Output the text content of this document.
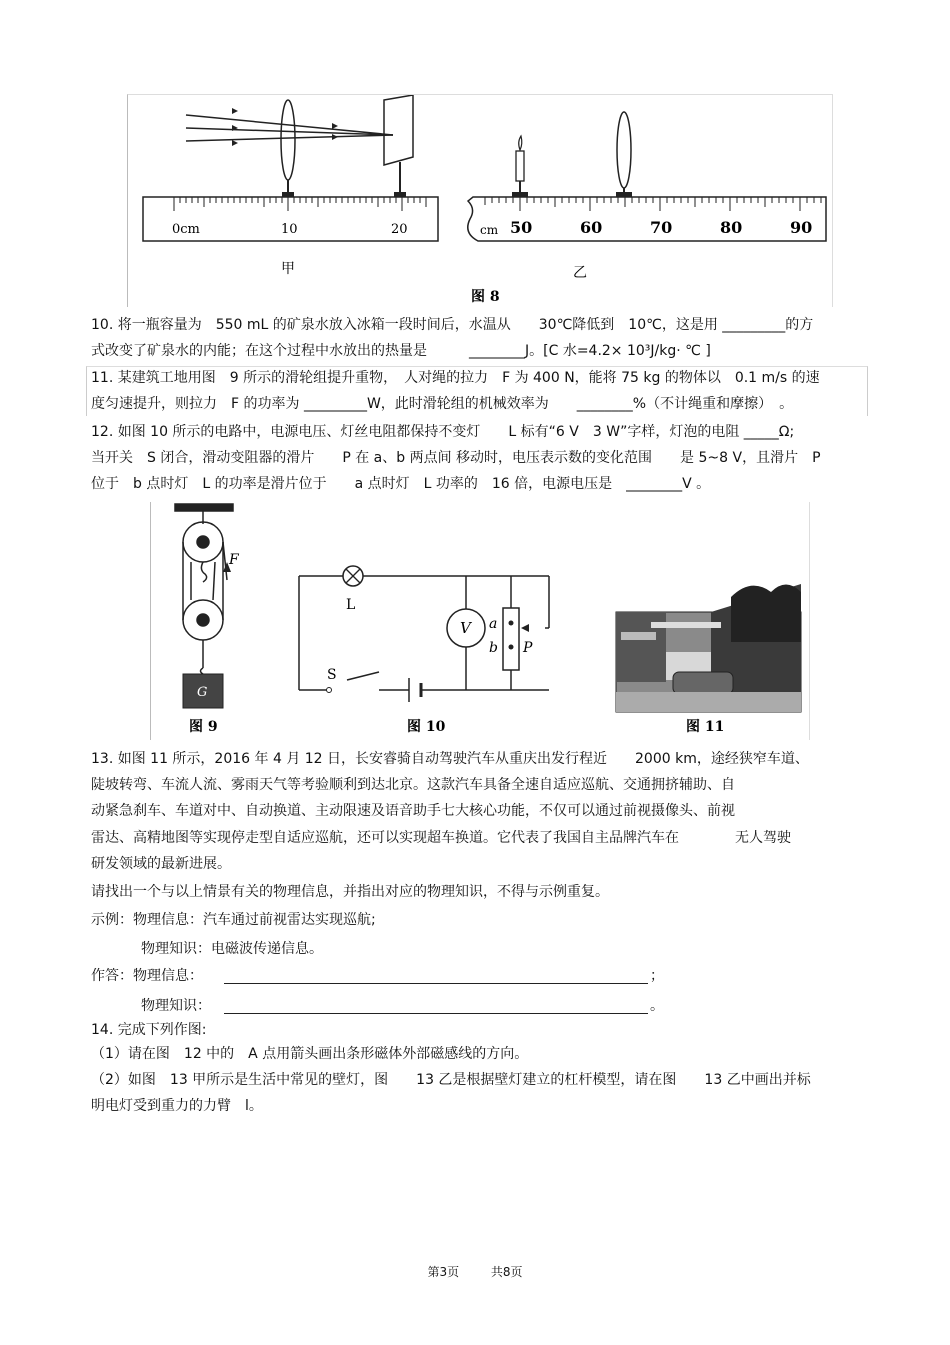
0cm	10	20	cm 50	60	70	80	90
甲	乙
图 8
10. 将一瓶容量为　550 mL 的矿泉水放入冰箱一段时间后，水温从　　30℃降低到　10℃，这是用 _________的方
式改变了矿泉水的内能；在这个过程中水放出的热量是　　　________J。[C 水=4.2× 10³J/kg· ℃ ]
11. 某建筑工地用图　9 所示的滑轮组提升重物，　人对绳的拉力　F 为 400 N，能将 75 kg 的物体以　0.1 m/s 的速
度匀速提升，则拉力　F 的功率为 _________W，此时滑轮组的机械效率为　　________%（不计绳重和摩擦）　。
12. 如图 10 所示的电路中，电源电压、灯丝电阻都保持不变灯　　L 标有“6 V　3 W”字样，灯泡的电阻 _____Ω;
当开关　S 闭合，滑动变阻器的滑片　　P 在 a、b 两点间 移动时，电压表示数的变化范围　　是 5~8 V，且滑片　P
位于　b 点时灯　L 的功率是滑片位于　　a 点时灯　L 功率的　16 倍，电源电压是　________V 。
F
G
图 9
L
S
V a
b P
图 10	图 11
13. 如图 11 所示，2016 年 4 月 12 日，长安睿骑自动驾驶汽车从重庆出发行程近　　2000 km，途经狭窄车道、
陡坡转弯、车流人流、雾雨天气等考验顺利到达北京。这款汽车具备全速自适应巡航、交通拥挤辅助、自
动紧急刹车、车道对中、自动换道、主动限速及语音助手七大核心功能，不仅可以通过前视摄像头、前视
雷达、高精地图等实现停走型自适应巡航，还可以实现超车换道。它代表了我国自主品牌汽车在　　　　无人驾驶
研发领域的最新进展。
请找出一个与以上情景有关的物理信息，并指出对应的物理知识，不得与示例重复。
示例：物理信息：汽车通过前视雷达实现巡航;
物理知识：电磁波传递信息。
作答：物理信息：	；
物理知识：	。
14. 完成下列作图:
（1）请在图　12 中的　A 点用箭头画出条形磁体外部磁感线的方向。
（2）如图　13 甲所示是生活中常见的壁灯，图　　13 乙是根据壁灯建立的杠杆模型，请在图　　13 乙中画出并标
明电灯受到重力的力臂　l。
第3页	共8页
